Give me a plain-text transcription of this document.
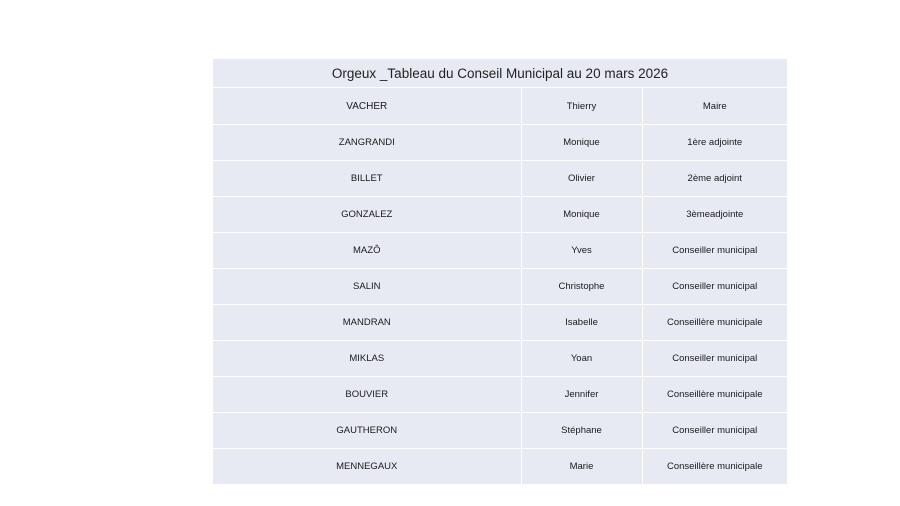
Orgeux _Tableau du Conseil Municipal au 20 mars 2026		
VACHER	Thierry	Maire
ZANGRANDI	Monique	1ère adjointe
BILLET	Olivier	2ème adjoint
GONZALEZ	Monique	3èmeadjointe
MAZÔ	Yves	Conseiller municipal
SALIN	Christophe	Conseiller municipal
MANDRAN	Isabelle	Conseillère municipale
MIKLAS	Yoan	Conseiller municipal
BOUVIER	Jennifer	Conseillère municipale
GAUTHERON	Stéphane	Conseiller municipal
MENNEGAUX	Marie	Conseillère municipale
